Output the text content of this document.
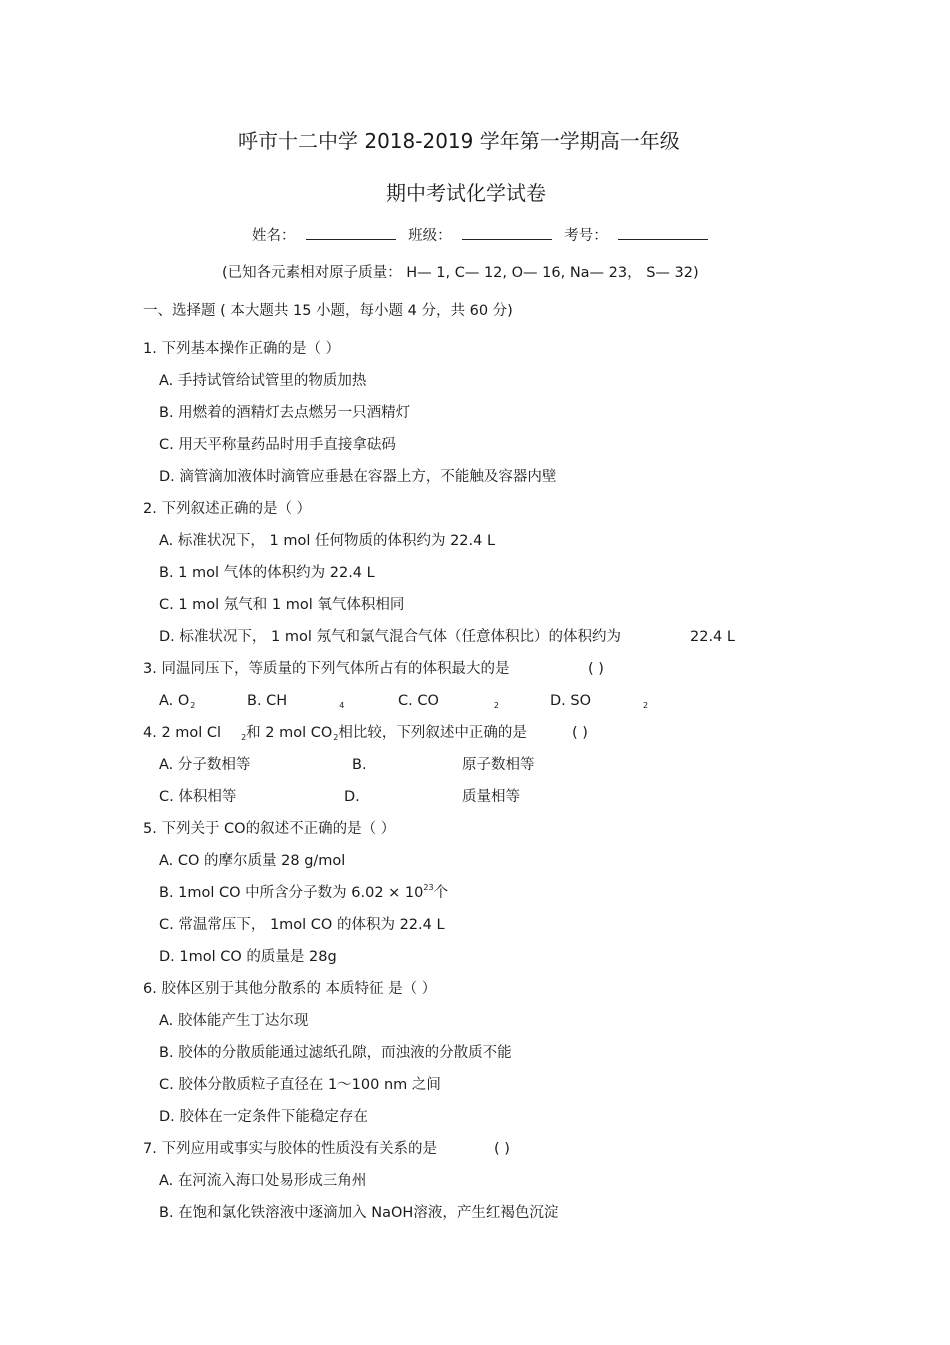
呼市十二中学 2018-2019 学年第一学期高一年级
期中考试化学试卷
姓名：	班级：	考号：
(已知各元素相对原子质量： H— 1, C— 12, O— 16, Na— 23， S— 32)
一、选择题 ( 本大题共 15 小题，每小题 4 分，共 60 分)
1. 下列基本操作正确的是（ ）
A. 手持试管给试管里的物质加热
B. 用燃着的酒精灯去点燃另一只酒精灯
C. 用天平称量药品时用手直接拿砝码
D. 滴管滴加液体时滴管应垂悬在容器上方，不能触及容器内壁
2. 下列叙述正确的是（ ）
A. 标准状况下， 1 mol 任何物质的体积约为 22.4 L
B. 1 mol 气体的体积约为 22.4 L
C. 1 mol 氖气和 1 mol 氧气体积相同
D. 标准状况下， 1 mol 氖气和氯气混合气体（任意体积比）的体积约为	22.4 L
3. 同温同压下，等质量的下列气体所占有的体积最大的是	( )
A. $O_2$	B. CH	$_4$	C. CO	$_2$	D. SO	$_2$
4. 2 mol Cl	$_2$和 2 mol $CO_2$相比较，下列叙述中正确的是	( )
A. 分子数相等	B.	原子数相等
C. 体积相等	D.	质量相等
5. 下列关于 CO的叙述不正确的是（ ）
A. CO 的摩尔质量 28 g/mol
B. 1mol CO 中所含分子数为 $6.02 \times 10^{23}$个
C. 常温常压下， 1mol CO 的体积为 22.4 L
D. 1mol CO 的质量是 28g
6. 胶体区别于其他分散系的 本质特征 是（ ）
A. 胶体能产生丁达尔现
B. 胶体的分散质能通过滤纸孔隙，而浊液的分散质不能
C. 胶体分散质粒子直径在 1～100 nm 之间
D. 胶体在一定条件下能稳定存在
7. 下列应用或事实与胶体的性质没有关系的是	( )
A. 在河流入海口处易形成三角州
B. 在饱和氯化铁溶液中逐滴加入 NaOH溶液，产生红褐色沉淀
